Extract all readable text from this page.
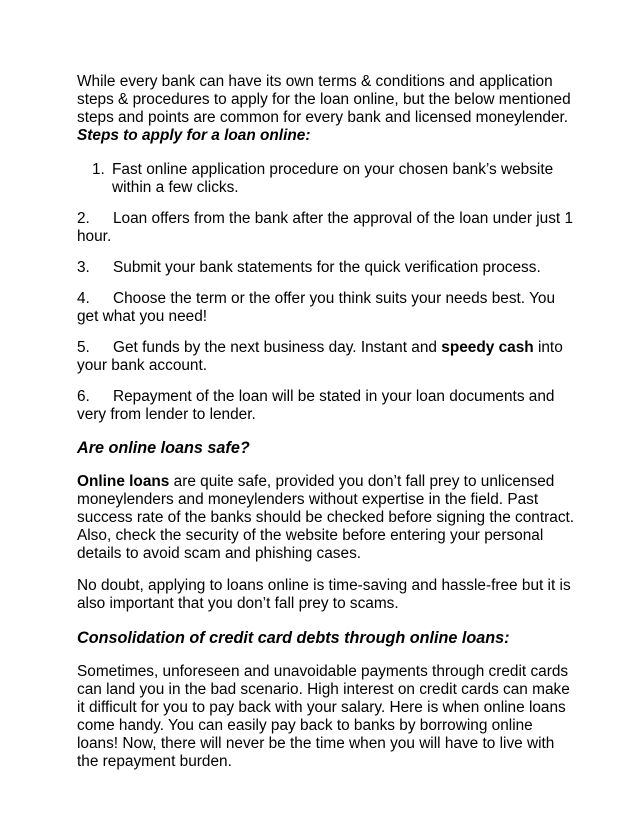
While every bank can have its own terms & conditions and application steps & procedures to apply for the loan online, but the below mentioned steps and points are common for every bank and licensed moneylender.

Steps to apply for a loan online:

1. Fast online application procedure on your chosen bank’s website within a few clicks.

2. Loan offers from the bank after the approval of the loan under just 1 hour.

3. Submit your bank statements for the quick verification process.

4. Choose the term or the offer you think suits your needs best. You get what you need!

5. Get funds by the next business day. Instant and speedy cash into your bank account.

6. Repayment of the loan will be stated in your loan documents and very from lender to lender.

Are online loans safe?

Online loans are quite safe, provided you don’t fall prey to unlicensed moneylenders and moneylenders without expertise in the field. Past success rate of the banks should be checked before signing the contract. Also, check the security of the website before entering your personal details to avoid scam and phishing cases.

No doubt, applying to loans online is time-saving and hassle-free but it is also important that you don’t fall prey to scams.

Consolidation of credit card debts through online loans:

Sometimes, unforeseen and unavoidable payments through credit cards can land you in the bad scenario. High interest on credit cards can make it difficult for you to pay back with your salary. Here is when online loans come handy. You can easily pay back to banks by borrowing online loans! Now, there will never be the time when you will have to live with the repayment burden.
